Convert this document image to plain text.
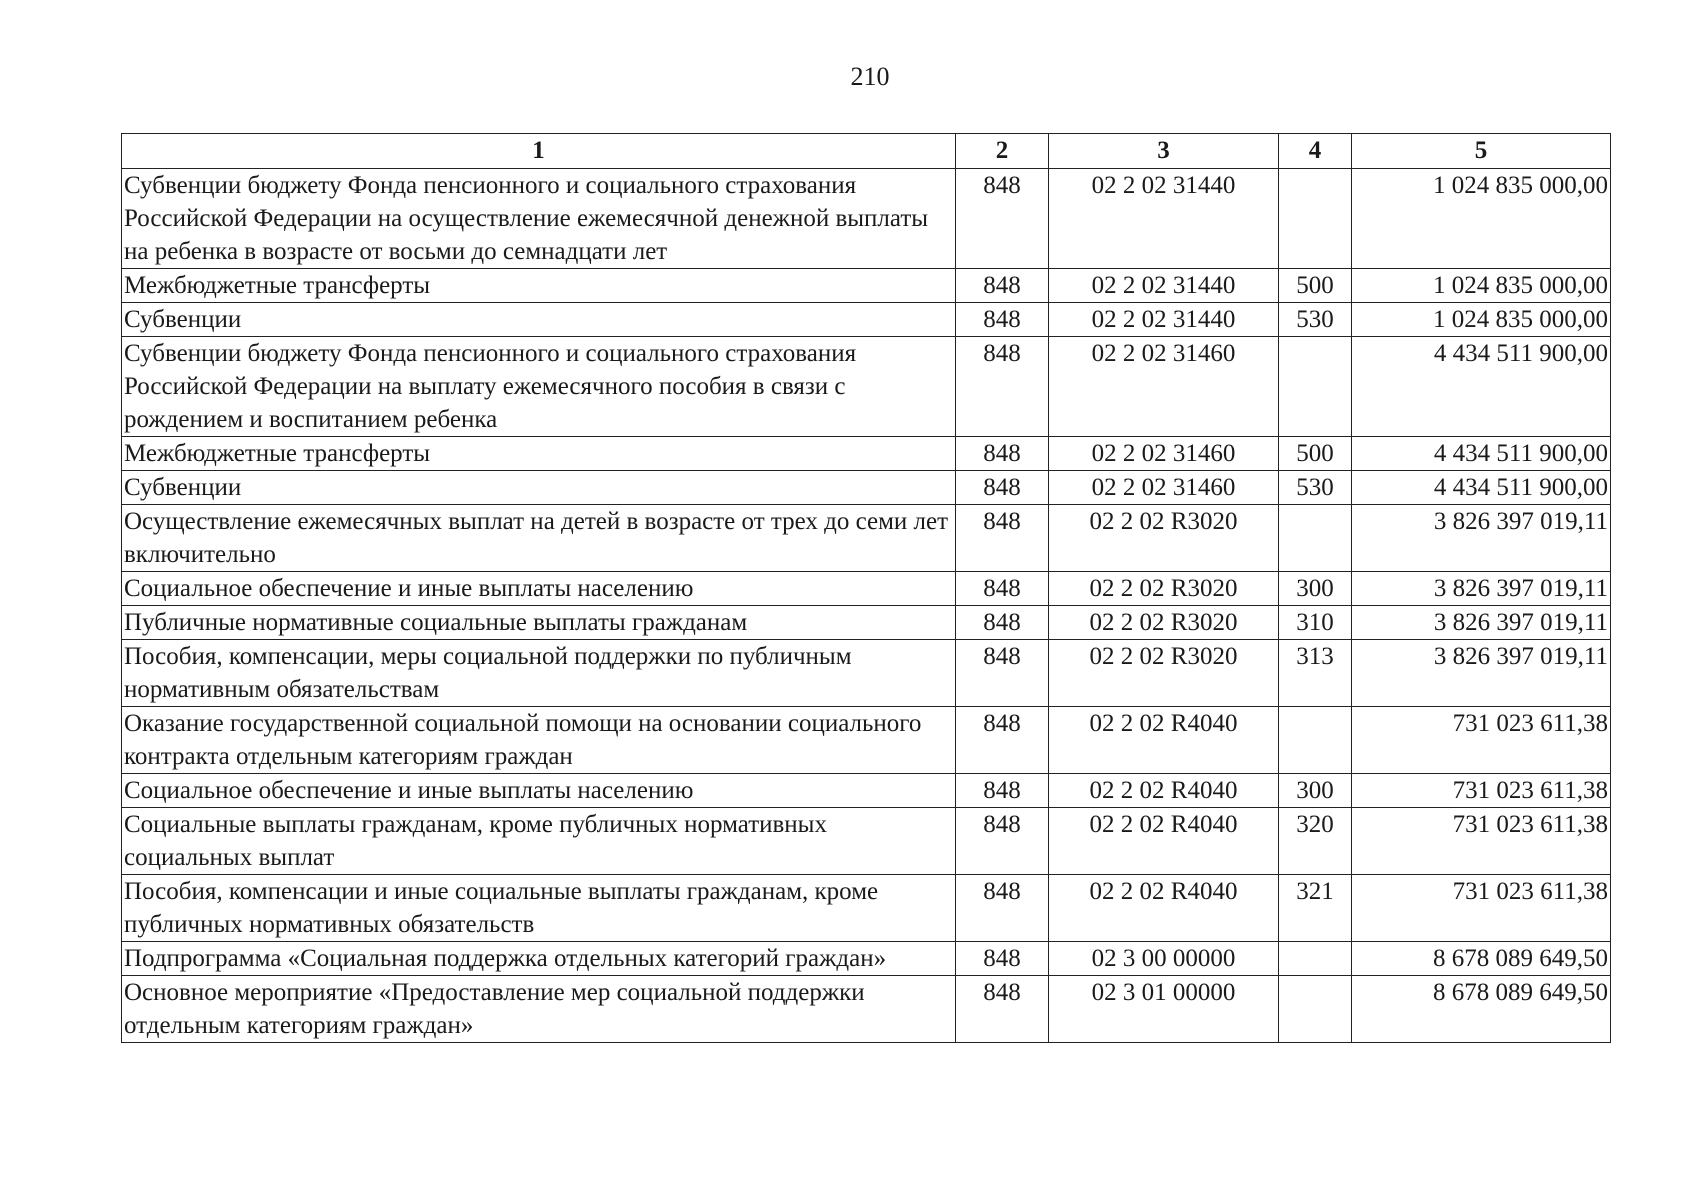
210
1	2	3	4	5
Субвенции бюджету Фонда пенсионного и социального страхования Российской Федерации на осуществление ежемесячной денежной выплаты на ребенка в возрасте от восьми до семнадцати лет	848	02 2 02 31440		1 024 835 000,00
Межбюджетные трансферты	848	02 2 02 31440	500	1 024 835 000,00
Субвенции	848	02 2 02 31440	530	1 024 835 000,00
Субвенции бюджету Фонда пенсионного и социального страхования Российской Федерации на выплату ежемесячного пособия в связи с рождением и воспитанием ребенка	848	02 2 02 31460		4 434 511 900,00
Межбюджетные трансферты	848	02 2 02 31460	500	4 434 511 900,00
Субвенции	848	02 2 02 31460	530	4 434 511 900,00
Осуществление ежемесячных выплат на детей в возрасте от трех до семи лет включительно	848	02 2 02 R3020		3 826 397 019,11
Социальное обеспечение и иные выплаты населению	848	02 2 02 R3020	300	3 826 397 019,11
Публичные нормативные социальные выплаты гражданам	848	02 2 02 R3020	310	3 826 397 019,11
Пособия, компенсации, меры социальной поддержки по публичным нормативным обязательствам	848	02 2 02 R3020	313	3 826 397 019,11
Оказание государственной социальной помощи на основании социального контракта отдельным категориям граждан	848	02 2 02 R4040		731 023 611,38
Социальное обеспечение и иные выплаты населению	848	02 2 02 R4040	300	731 023 611,38
Социальные выплаты гражданам, кроме публичных нормативных социальных выплат	848	02 2 02 R4040	320	731 023 611,38
Пособия, компенсации и иные социальные выплаты гражданам, кроме публичных нормативных обязательств	848	02 2 02 R4040	321	731 023 611,38
Подпрограмма «Социальная поддержка отдельных категорий граждан»	848	02 3 00 00000		8 678 089 649,50
Основное мероприятие «Предоставление мер социальной поддержки отдельным категориям граждан»	848	02 3 01 00000		8 678 089 649,50
